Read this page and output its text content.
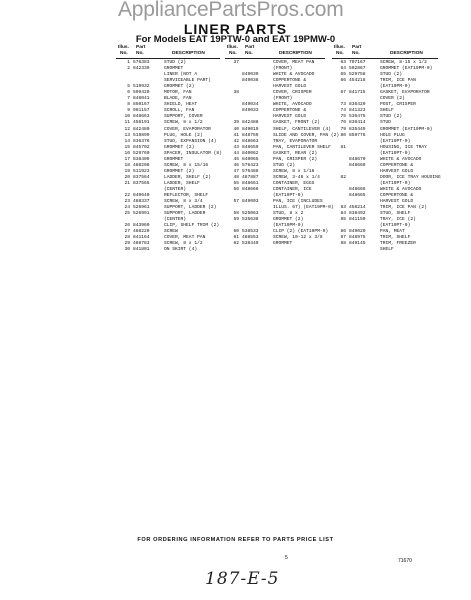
AppliancePartsPros.com
LINER PARTS
For Models EAT 19PTW-0 and EAT 19PMW-0
Illus. Part
No. No.	DESCRIPTION
1 576383	STUD (2)
2 842339	GROMMET
LINER (NOT A
SERVICEABLE PART)
5 519932	GROMMET (2)
6 599420	MOTOR, FAN
7 848041	BLADE, FAN
8 850167	SHIELD, HEAT
9 961157	SCROLL, FAN
10 848663	SUPPORT, COVER
11 456191	SCREW, 8 x 1/2
12 842480	COVER, EVAPORATOR
13 519899	PLUG, HOLE (2)
14 836376	STUD, EXPANSION (4)
15 845702	GROMMET (2)
16 529760	SPACER, INSULATOR (8)
17 838409	GROMMET
18 488208	SCREW, 8 x 15/16
19 511923	GROMMET (2)
20 837564	LADDER, SHELF (2)
21 837565	LADDER, SHELF
(CENTER)
22 840640	REFLECTOR, SHELF
23 488337	SCREW, 8 x 3/4
24 526961	SUPPORT, LADDER (2)
25 526991	SUPPORT, LADDER
(CENTER)
26 843960	CLIP, SHELF TRIM (2)
27 488220	SCREW
28 841164	COVER, MEAT PAN
29 488783	SCREW, 8 x 1/2
30 841801	ON SKIRT (4)
Illus. Part
No. No.	DESCRIPTION
37	COVER, MEAT PAN
(FRONT)
849039	WHITE & AVOCADO
849038	COPPERTONE &
HARVEST GOLD
38	COVER, CRISPER
(FRONT)
849034	WHITE, AVOCADO
849033	COPPERTONE &
HARVEST GOLD
39 842488	GASKET, FRONT (2)
40 849019	SHELF, CANTILEVER (4)
41 848759	SLIDE AND COVER, PAN (2)
42 848663	TRAY, EVAPORATOR
43 848659	PAN, CANTILEVER SHELF
44 840062	GASKET, REAR (2)
45 840065	PAN, CRISPER (2)
46 576423	STUD (2)
47 576488	SCREW, 8 x 1/16
48 487887	SCREW, 3-48 x 1/4
55 848661	CONTAINER, EGGS
56 848666	CONTAINER, ICE
(EAT19PT-0)
57 849003	PAN, ICE (INCLUDES
ILLUS. 67) (EAT19PM-0)
58 525063	STUD, 8 x 2
59 535638	GROMMET (2)
(EAT19PM-0)
60 538533	CLIP (2) (EAT19PM-0)
61 488553	SCREW, 10-12 x 3/8
62 538449	GROMMET
Illus. Part
No. No.	DESCRIPTION
63 707167	SCREW, 8-15 x 1/2
64 502867	GROMMET (EAT19PM-0)
65 529758	STUD (2)
66 454218	TRIM, ICE PAN
(EAT19PM-0)
67 841715	GASKET, EVAPORATOR
COVER (2)
73 836420	POST, CRISPER
74 841323	SHELF
75 536475	STUD (2)
76 836414	STUD
79 835449	GROMMET (EAT19PM-0)
80 859776	HOLE PLUG
(EAT19PT-0)
81	HOUSING, ICE TRAY
(EAT19PT-0)
848670	WHITE & AVOCADO
848669	COPPERTONE &
HARVEST GOLD
82	DOOR, ICE TRAY HOUSING
(EAT19PT-0)
848666	WHITE & AVOCADO
848665	COPPERTONE &
HARVEST GOLD
83 456214	TRIM, ICE PAN (2)
84 838492	STUD, SHELF
85 841150	TRAY, ICE (2)
(EAT19PT-0)
86 849020	PAN, MEAT
87 848975	TRIM, SHELF
88 849145	TRIM, FREEZER
SHELF
FOR ORDERING INFORMATION REFER TO PARTS PRICE LIST
5	71670
187-E-5
